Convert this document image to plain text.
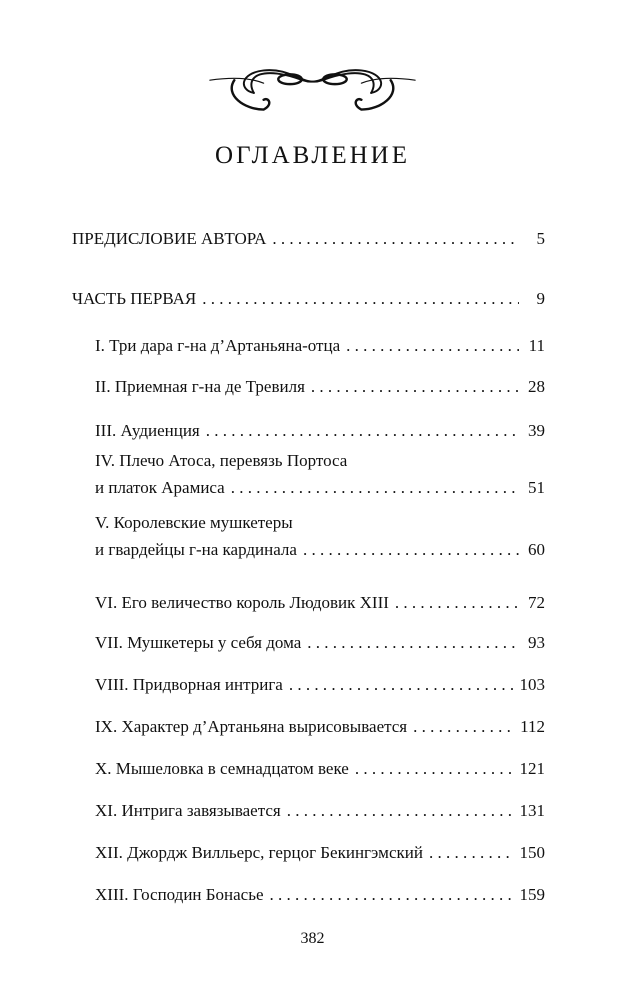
ОГЛАВЛЕНИЕ
ПРЕДИСЛОВИЕ АВТОРА . . .	5
ЧАСТЬ ПЕРВАЯ . . .	9
I. Три дара г-на д’Артаньяна-отца . . .	11
II. Приемная г-на де Тревиля . . .	28
III. Аудиенция . . .	39
IV. Плечо Атоса, перевязь Портоса
и платок Арамиса . . .	51
V. Королевские мушкетеры
и гвардейцы г-на кардинала . . .	60
VI. Его величество король Людовик XIII . . .	72
VII. Мушкетеры у себя дома . . .	93
VIII. Придворная интрига . . .	103
IX. Характер д’Артаньяна вырисовывается . . .	112
X. Мышеловка в семнадцатом веке . . .	121
XI. Интрига завязывается . . .	131
XII. Джордж Вилльерс, герцог Бекингэмский . . .	150
XIII. Господин Бонасье . . .	159
382
